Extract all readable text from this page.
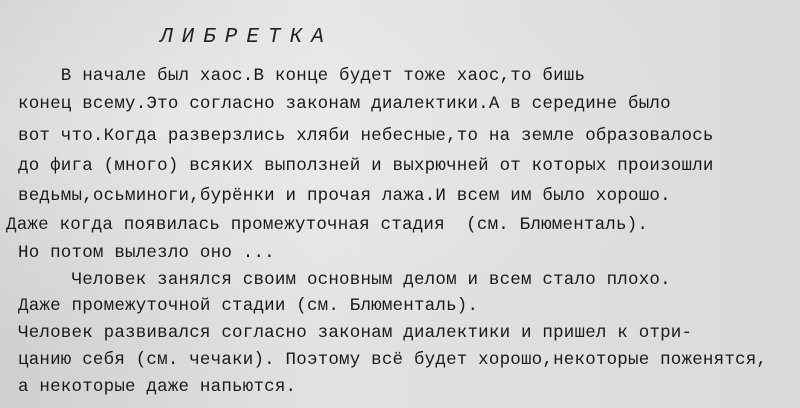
ЛИБРЕТКА
В начале был хаос.В конце будет тоже хаос,то бишь
конец всему.Это согласно законам диалектики.А в середине было
вот что.Когда разверзлись хляби небесные,то на земле образовалось
до фига (много) всяких выползней и выхрючней от которых произошли
ведьмы,осьминоги,бурёнки и прочая лажа.И всем им было хорошо.
Даже когда появилась промежуточная стадия  (см. Блюменталь).
Но потом вылезло оно ...
Человек занялся своим основным делом и всем стало плохо.
Даже промежуточной стадии (см. Блюменталь).
Человек развивался согласно законам диалектики и пришел к отри-
цанию себя (см. чечаки). Поэтому всё будет хорошо,некоторые поженятся,
а некоторые даже напьются.
